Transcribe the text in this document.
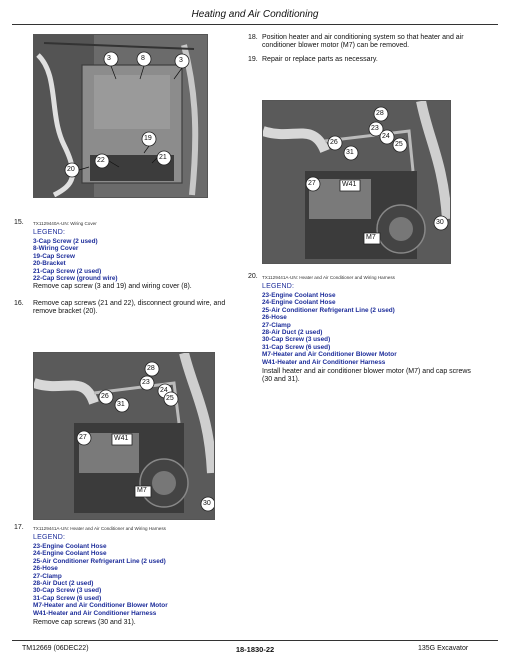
Heating and Air Conditioning
3	8	3
19
20
22	21
15. TX1129440A-UN: Wiring Cover
LEGEND:
3-Cap Screw (2 used)
8-Wiring Cover
19-Cap Screw
20-Bracket
21-Cap Screw (2 used)
22-Cap Screw (ground wire)
Remove cap screw (3 and 19) and wiring cover (8).
16. Remove cap screws (21 and 22), disconnect ground wire, and remove bracket (20).
28
23
24
26
31
25
27	W41
M7
30
17. TX1129441A-UN: Heater and Air Conditioner and Wiring Harness
LEGEND:
23-Engine Coolant Hose
24-Engine Coolant Hose
25-Air Conditioner Refrigerant Line (2 used)
26-Hose
27-Clamp
28-Air Duct (2 used)
30-Cap Screw (3 used)
31-Cap Screw (6 used)
M7-Heater and Air Conditioner Blower Motor
W41-Heater and Air Conditioner Harness
Remove cap screws (30 and 31).
18. Position heater and air conditioning system so that heater and air conditioner blower motor (M7) can be removed.
19. Repair or replace parts as necessary.
28
23
24
26
31
25
27	W41
M7
30
20. TX1129441A-UN: Heater and Air Conditioner and Wiring Harness
LEGEND:
23-Engine Coolant Hose
24-Engine Coolant Hose
25-Air Conditioner Refrigerant Line (2 used)
26-Hose
27-Clamp
28-Air Duct (2 used)
30-Cap Screw (3 used)
31-Cap Screw (6 used)
M7-Heater and Air Conditioner Blower Motor
W41-Heater and Air Conditioner Harness
Install heater and air conditioner blower motor (M7) and cap screws (30 and 31).
TM12669 (06DEC22)	18-1830-22	135G Excavator
